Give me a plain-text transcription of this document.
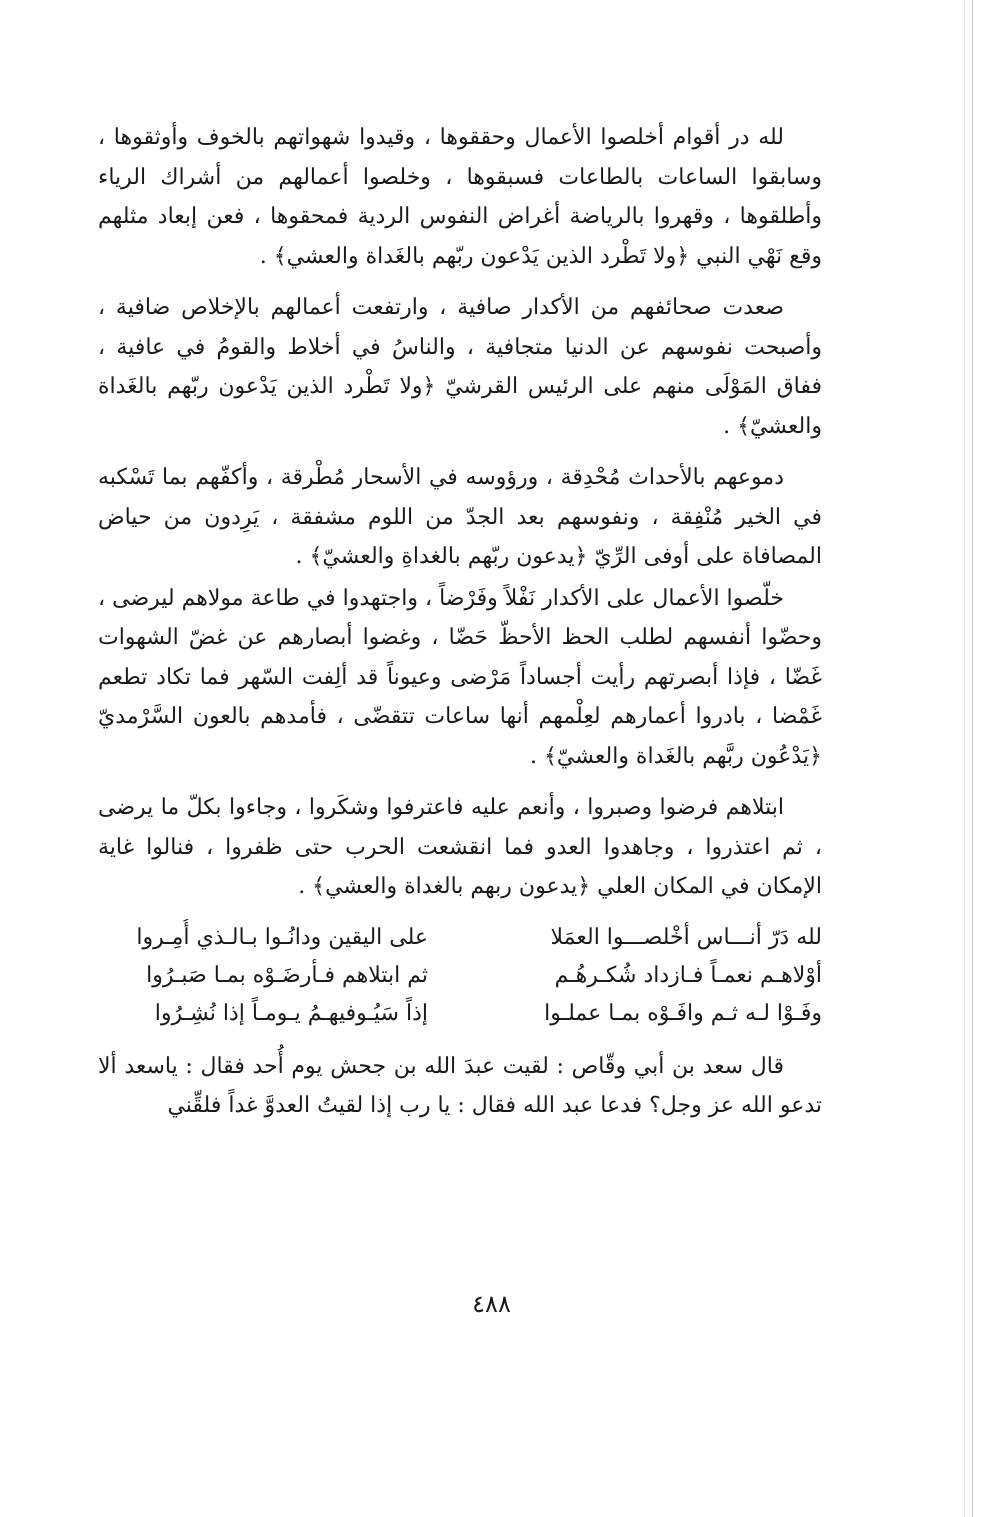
لله در أقوام أخلصوا الأعمال وحققوها ، وقيدوا شهواتهم بالخوف وأوثقوها ، وسابقوا الساعات بالطاعات فسبقوها ، وخلصوا أعمالهم من أشراك الرياء وأطلقوها ، وقهروا بالرياضة أغراض النفوس الردية فمحقوها ، فعن إبعاد مثلهم وقع نَهْي النبي ﴿ولا تَطْرد الذين يَدْعون ربّهم بالغَداة والعشي﴾ .

صعدت صحائفهم من الأكدار صافية ، وارتفعت أعمالهم بالإخلاص ضافية ، وأصبحت نفوسهم عن الدنيا متجافية ، والناسُ في أخلاط والقومُ في عافية ، ففاق المَوْلَى منهم على الرئيس القرشيّ ﴿ولا تَطْرد الذين يَدْعون ربّهم بالغَداة والعشيّ﴾ .

دموعهم بالأحداث مُحْدِقة ، ورؤوسه في الأسحار مُطْرقة ، وأكفّهم بما تَسْكبه في الخير مُنْفِقة ، ونفوسهم بعد الجدّ من اللوم مشفقة ، يَرِدون من حياض المصافاة على أوفى الرِّيّ ﴿يدعون ربّهم بالغداةِ والعشيّ﴾ .

خلّصوا الأعمال على الأكدار نَفْلاً وفَرْضاً ، واجتهدوا في طاعة مولاهم ليرضى ، وحضّوا أنفسهم لطلب الحظ الأحظّ حَضّا ، وغضوا أبصارهم عن غضّ الشهوات غَضّا ، فإذا أبصرتهم رأيت أجساداً مَرْضى وعيوناً قد ألِفت السّهر فما تكاد تطعم غَمْضا ، بادروا أعمارهم لعِلْمهم أنها ساعات تتقضّى ، فأمدهم بالعون السَّرْمديّ ﴿يَدْعُون ربَّهم بالغَداة والعشيّ﴾ .

ابتلاهم فرضوا وصبروا ، وأنعم عليه فاعترفوا وشكَروا ، وجاءوا بكلّ ما يرضى ، ثم اعتذروا ، وجاهدوا العدو فما انقشعت الحرب حتى ظفروا ، فنالوا غاية الإمكان في المكان العلي ﴿يدعون ربهم بالغداة والعشي﴾ .

لله دَرّ أنـــاس أخْلصـــوا العمَلا
على اليقين ودانُـوا بـالـذي أُمِـروا
أوْلاهـم نعمـاً فـازداد شُكـرهُـم
ثم ابتلاهم فـأرضَـوْه بمـا صَبـرُوا
وفَـوْا لـه ثـم وافَـوْه بمـا عملـوا
إذاً سَيُـوفيهـمُ يـومـاً إذا نُشِـرُوا

قال سعد بن أبي وقّاص : لقيت عبدَ الله بن جحش يوم أُحد فقال : ياسعد ألا تدعو الله عز وجل؟ فدعا عبد الله فقال : يا رب إذا لقيتُ العدوَّ غداً فلقِّني

٤٨٨
